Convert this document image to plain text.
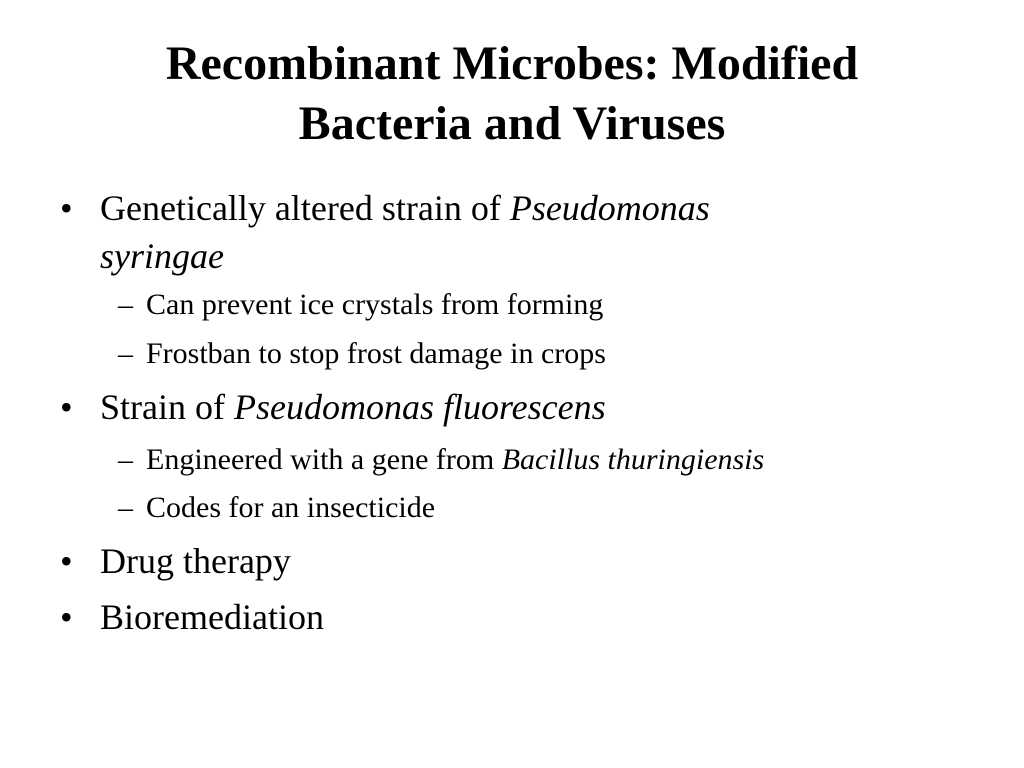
Recombinant Microbes: Modified
Bacteria and Viruses
• Genetically altered strain of Pseudomonas
syringae
– Can prevent ice crystals from forming
– Frostban to stop frost damage in crops
• Strain of Pseudomonas fluorescens
– Engineered with a gene from Bacillus thuringiensis
– Codes for an insecticide
• Drug therapy
• Bioremediation
